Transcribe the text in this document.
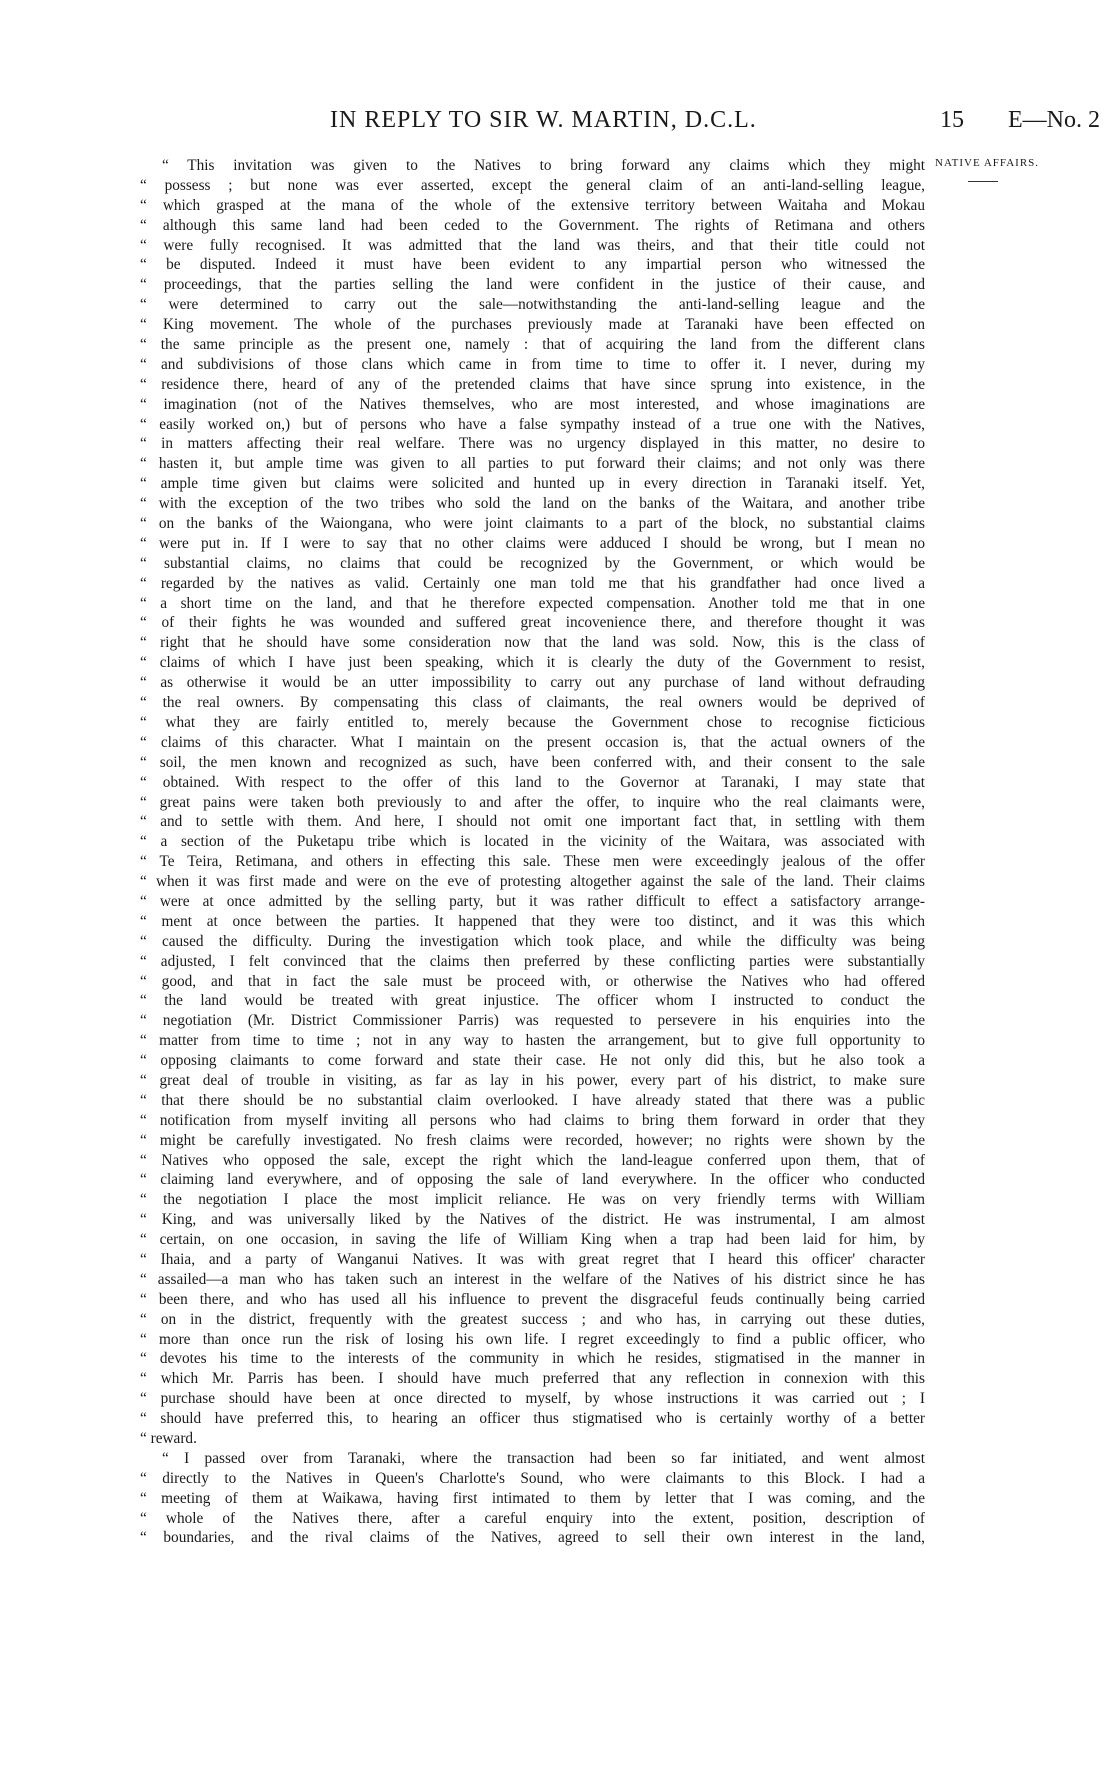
IN REPLY TO SIR W. MARTIN, D.C.L.	15 E—No. 2
NATIVE AFFAIRS.
“ This invitation was given to the Natives to bring forward any claims which they might
“ possess ; but none was ever asserted, except the general claim of an anti-land-selling league,
“ which grasped at the mana of the whole of the extensive territory between Waitaha and Mokau
“ although this same land had been ceded to the Government. The rights of Retimana and others
“ were fully recognised. It was admitted that the land was theirs, and that their title could not
“ be disputed. Indeed it must have been evident to any impartial person who witnessed the
“ proceedings, that the parties selling the land were confident in the justice of their cause, and
“ were determined to carry out the sale—notwithstanding the anti-land-selling league and the
“ King movement. The whole of the purchases previously made at Taranaki have been effected on
“ the same principle as the present one, namely : that of acquiring the land from the different clans
“ and subdivisions of those clans which came in from time to time to offer it. I never, during my
“ residence there, heard of any of the pretended claims that have since sprung into existence, in the
“ imagination (not of the Natives themselves, who are most interested, and whose imaginations are
“ easily worked on,) but of persons who have a false sympathy instead of a true one with the Natives,
“ in matters affecting their real welfare. There was no urgency displayed in this matter, no desire to
“ hasten it, but ample time was given to all parties to put forward their claims; and not only was there
“ ample time given but claims were solicited and hunted up in every direction in Taranaki itself. Yet,
“ with the exception of the two tribes who sold the land on the banks of the Waitara, and another tribe
“ on the banks of the Waiongana, who were joint claimants to a part of the block, no substantial claims
“ were put in. If I were to say that no other claims were adduced I should be wrong, but I mean no
“ substantial claims, no claims that could be recognized by the Government, or which would be
“ regarded by the natives as valid. Certainly one man told me that his grandfather had once lived a
“ a short time on the land, and that he therefore expected compensation. Another told me that in one
“ of their fights he was wounded and suffered great incovenience there, and therefore thought it was
“ right that he should have some consideration now that the land was sold. Now, this is the class of
“ claims of which I have just been speaking, which it is clearly the duty of the Government to resist,
“ as otherwise it would be an utter impossibility to carry out any purchase of land without defrauding
“ the real owners. By compensating this class of claimants, the real owners would be deprived of
“ what they are fairly entitled to, merely because the Government chose to recognise ficticious
“ claims of this character. What I maintain on the present occasion is, that the actual owners of the
“ soil, the men known and recognized as such, have been conferred with, and their consent to the sale
“ obtained. With respect to the offer of this land to the Governor at Taranaki, I may state that
“ great pains were taken both previously to and after the offer, to inquire who the real claimants were,
“ and to settle with them. And here, I should not omit one important fact that, in settling with them
“ a section of the Puketapu tribe which is located in the vicinity of the Waitara, was associated with
“ Te Teira, Retimana, and others in effecting this sale. These men were exceedingly jealous of the offer
“ when it was first made and were on the eve of protesting altogether against the sale of the land. Their claims
“ were at once admitted by the selling party, but it was rather difficult to effect a satisfactory arrange-
“ ment at once between the parties. It happened that they were too distinct, and it was this which
“ caused the difficulty. During the investigation which took place, and while the difficulty was being
“ adjusted, I felt convinced that the claims then preferred by these conflicting parties were substantially
“ good, and that in fact the sale must be proceed with, or otherwise the Natives who had offered
“ the land would be treated with great injustice. The officer whom I instructed to conduct the
“ negotiation (Mr. District Commissioner Parris) was requested to persevere in his enquiries into the
“ matter from time to time ; not in any way to hasten the arrangement, but to give full opportunity to
“ opposing claimants to come forward and state their case. He not only did this, but he also took a
“ great deal of trouble in visiting, as far as lay in his power, every part of his district, to make sure
“ that there should be no substantial claim overlooked. I have already stated that there was a public
“ notification from myself inviting all persons who had claims to bring them forward in order that they
“ might be carefully investigated. No fresh claims were recorded, however; no rights were shown by the
“ Natives who opposed the sale, except the right which the land-league conferred upon them, that of
“ claiming land everywhere, and of opposing the sale of land everywhere. In the officer who conducted
“ the negotiation I place the most implicit reliance. He was on very friendly terms with William
“ King, and was universally liked by the Natives of the district. He was instrumental, I am almost
“ certain, on one occasion, in saving the life of William King when a trap had been laid for him, by
“ Ihaia, and a party of Wanganui Natives. It was with great regret that I heard this officer' character
“ assailed—a man who has taken such an interest in the welfare of the Natives of his district since he has
“ been there, and who has used all his influence to prevent the disgraceful feuds continually being carried
“ on in the district, frequently with the greatest success ; and who has, in carrying out these duties,
“ more than once run the risk of losing his own life. I regret exceedingly to find a public officer, who
“ devotes his time to the interests of the community in which he resides, stigmatised in the manner in
“ which Mr. Parris has been. I should have much preferred that any reflection in connexion with this
“ purchase should have been at once directed to myself, by whose instructions it was carried out ; I
“ should have preferred this, to hearing an officer thus stigmatised who is certainly worthy of a better
“ reward.
“ I passed over from Taranaki, where the transaction had been so far initiated, and went almost
“ directly to the Natives in Queen's Charlotte's Sound, who were claimants to this Block. I had a
“ meeting of them at Waikawa, having first intimated to them by letter that I was coming, and the
“ whole of the Natives there, after a careful enquiry into the extent, position, description of
“ boundaries, and the rival claims of the Natives, agreed to sell their own interest in the land,
